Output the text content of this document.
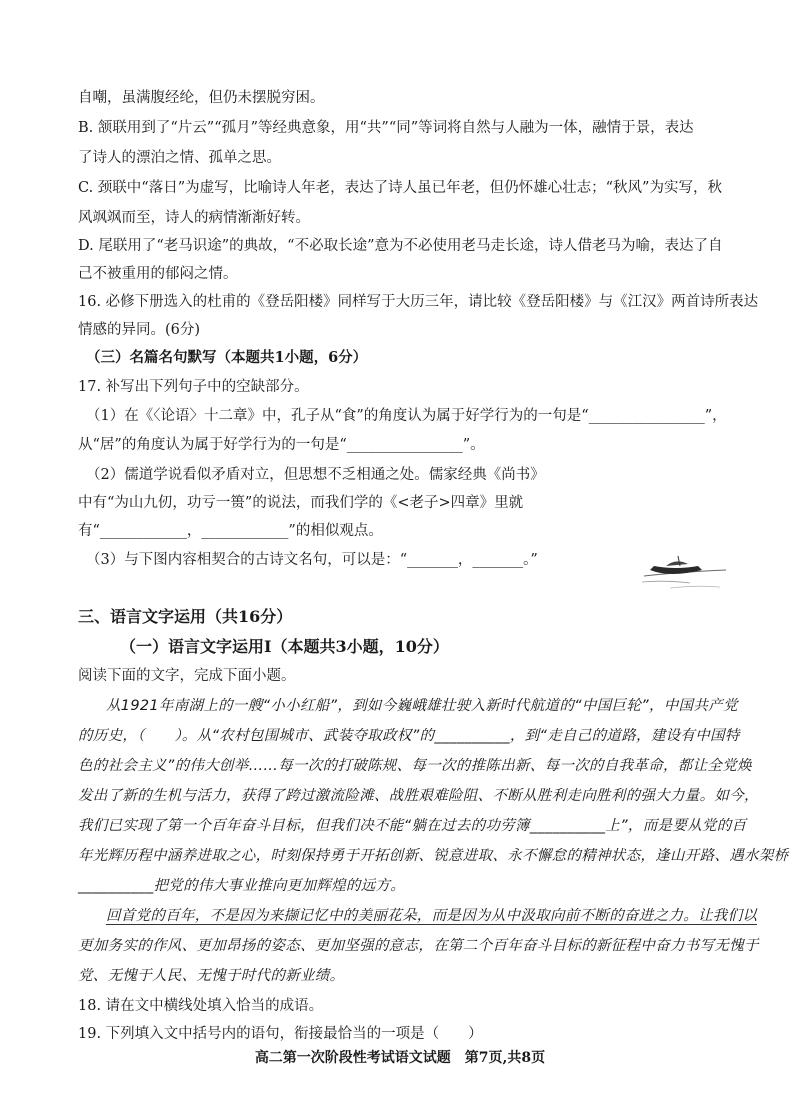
自嘲，虽满腹经纶，但仍未摆脱穷困。
B. 颔联用到了“片云”“孤月”等经典意象，用“共”“同”等词将自然与人融为一体，融情于景，表达
了诗人的漂泊之情、孤单之思。
C. 颈联中“落日”为虚写，比喻诗人年老，表达了诗人虽已年老，但仍怀雄心壮志；“秋风”为实写，秋
风飒飒而至，诗人的病情渐渐好转。
D. 尾联用了“老马识途”的典故，“不必取长途”意为不必使用老马走长途，诗人借老马为喻，表达了自
己不被重用的郁闷之情。
16. 必修下册选入的杜甫的《登岳阳楼》同样写于大历三年，请比较《登岳阳楼》与《江汉》两首诗所表达
情感的异同。(6分)
（三）名篇名句默写（本题共1小题，6分）
17. 补写出下列句子中的空缺部分。
（1）在《〈论语〉十二章》中，孔子从“食”的角度认为属于好学行为的一句是“________________”，
从“居”的角度认为属于好学行为的一句是“________________”。
（2）儒道学说看似矛盾对立，但思想不乏相通之处。儒家经典《尚书》
中有“为山九仞，功亏一篑”的说法，而我们学的《<老子>四章》里就
有“____________，____________”的相似观点。
（3）与下图内容相契合的古诗文名句，可以是：“_______，_______。”
三、语言文字运用（共16分）
（一）语言文字运用Ⅰ（本题共3小题，10分）
阅读下面的文字，完成下面小题。
从1921年南湖上的一艘“小小红船”，到如今巍峨雄壮驶入新时代航道的“中国巨轮”，中国共产党
的历史，（　　）。从“农村包围城市、武装夺取政权”的__________，到“走自己的道路，建设有中国特
色的社会主义”的伟大创举……每一次的打破陈规、每一次的推陈出新、每一次的自我革命，都让全党焕
发出了新的生机与活力，获得了跨过激流险滩、战胜艰难险阻、不断从胜利走向胜利的强大力量。如今，
我们已实现了第一个百年奋斗目标，但我们决不能“躺在过去的功劳簿__________上”，而是要从党的百
年光辉历程中涵养进取之心，时刻保持勇于开拓创新、锐意进取、永不懈怠的精神状态，逢山开路、遇水架桥
__________把党的伟大事业推向更加辉煌的远方。
回首党的百年，不是因为来撷记忆中的美丽花朵，而是因为从中汲取向前不断的奋进之力。让我们以
更加务实的作风、更加昂扬的姿态、更加坚强的意志，在第二个百年奋斗目标的新征程中奋力书写无愧于
党、无愧于人民、无愧于时代的新业绩。
18. 请在文中横线处填入恰当的成语。
19. 下列填入文中括号内的语句，衔接最恰当的一项是（　　）
高二第一次阶段性考试语文试题　第7页,共8页
